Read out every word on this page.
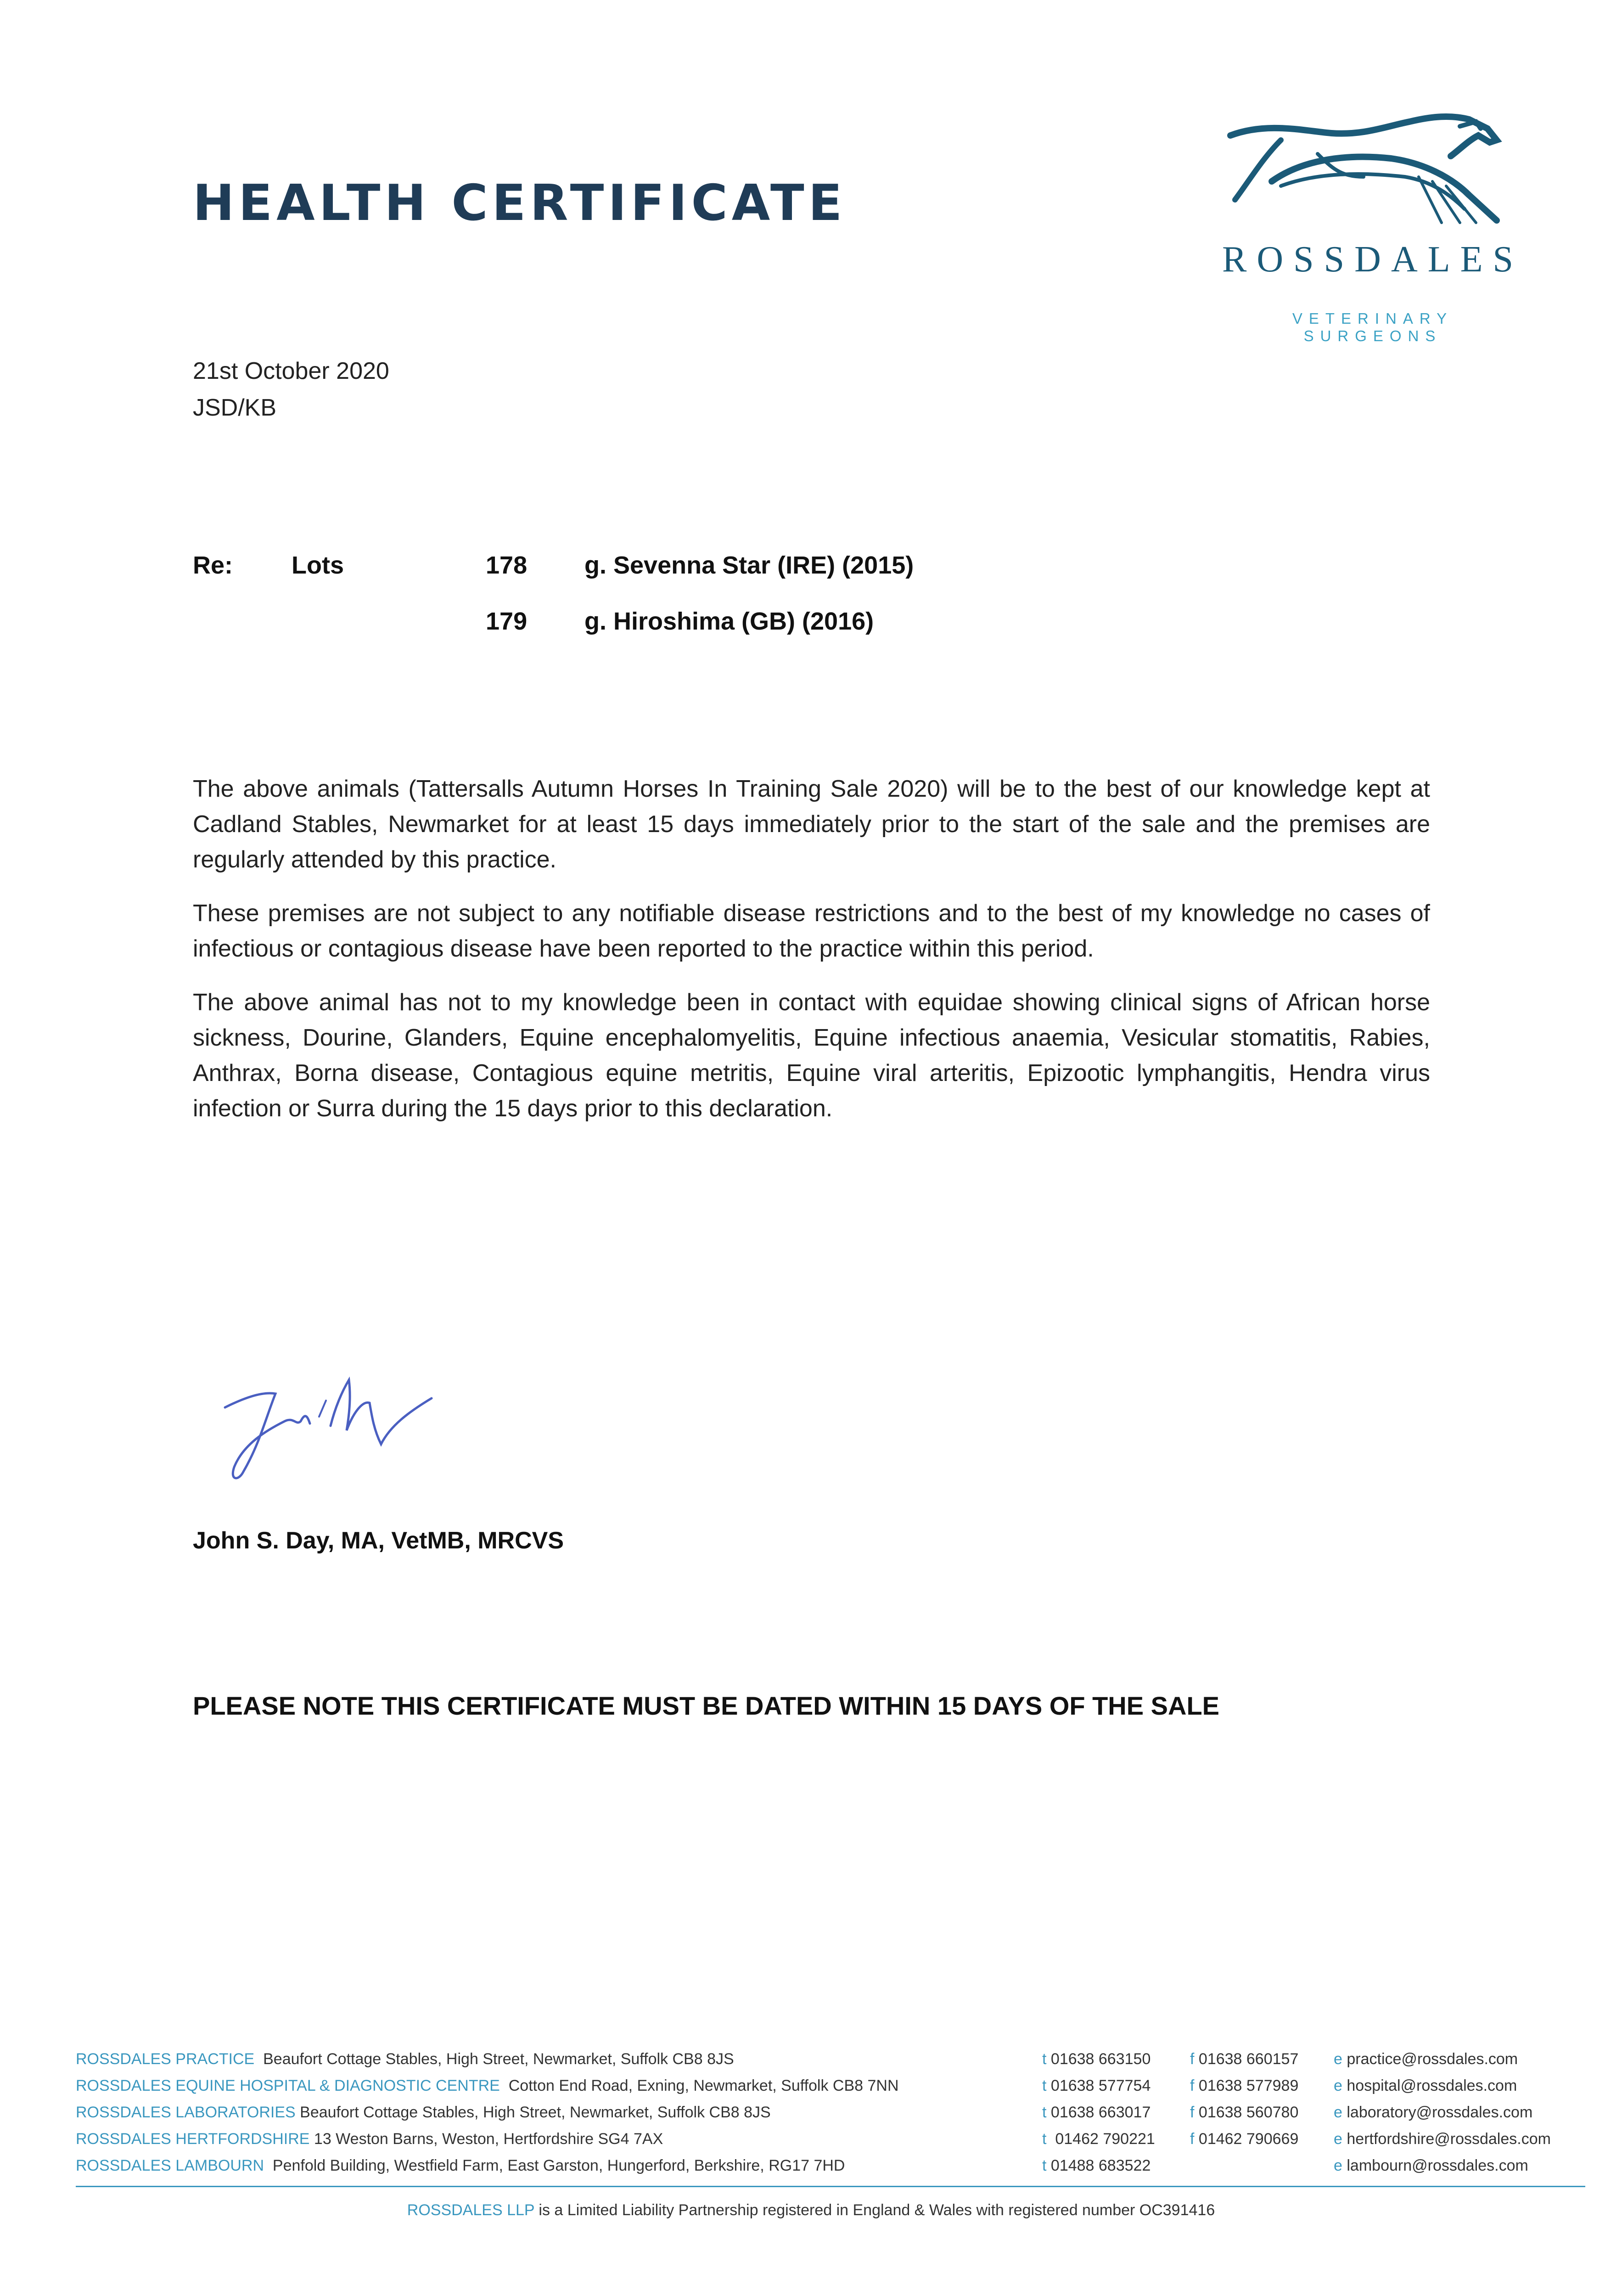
HEALTH CERTIFICATE
ROSSDALES
VETERINARY SURGEONS
21st October 2020
JSD/KB
Re: Lots	178 g. Sevenna Star (IRE) (2015)
179 g. Hiroshima (GB) (2016)

The above animals (Tattersalls Autumn Horses In Training Sale 2020) will be to the best of our knowledge kept at Cadland Stables, Newmarket for at least 15 days immediately prior to the start of the sale and the premises are regularly attended by this practice.

These premises are not subject to any notifiable disease restrictions and to the best of my knowledge no cases of infectious or contagious disease have been reported to the practice within this period.

The above animal has not to my knowledge been in contact with equidae showing clinical signs of African horse sickness, Dourine, Glanders, Equine encephalomyelitis, Equine infectious anaemia, Vesicular stomatitis, Rabies, Anthrax, Borna disease, Contagious equine metritis, Equine viral arteritis, Epizootic lymphangitis, Hendra virus infection or Surra during the 15 days prior to this declaration.

John S. Day, MA, VetMB, MRCVS
PLEASE NOTE THIS CERTIFICATE MUST BE DATED WITHIN 15 DAYS OF THE SALE
ROSSDALES PRACTICE Beaufort Cottage Stables, High Street, Newmarket, Suffolk CB8 8JS
ROSSDALES EQUINE HOSPITAL & DIAGNOSTIC CENTRE Cotton End Road, Exning, Newmarket, Suffolk CB8 7NN
ROSSDALES LABORATORIES Beaufort Cottage Stables, High Street, Newmarket, Suffolk CB8 8JS
ROSSDALES HERTFORDSHIRE 13 Weston Barns, Weston, Hertfordshire SG4 7AX
ROSSDALES LAMBOURN Penfold Building, Westfield Farm, East Garston, Hungerford, Berkshire, RG17 7HD
t 01638 663150
t 01638 577754
t 01638 663017
t 01462 790221
t 01488 683522
f 01638 660157
f 01638 577989
f 01638 560780
f 01462 790669
e practice@rossdales.com
e hospital@rossdales.com
e laboratory@rossdales.com
e hertfordshire@rossdales.com
e lambourn@rossdales.com
ROSSDALES LLP is a Limited Liability Partnership registered in England & Wales with registered number OC391416
